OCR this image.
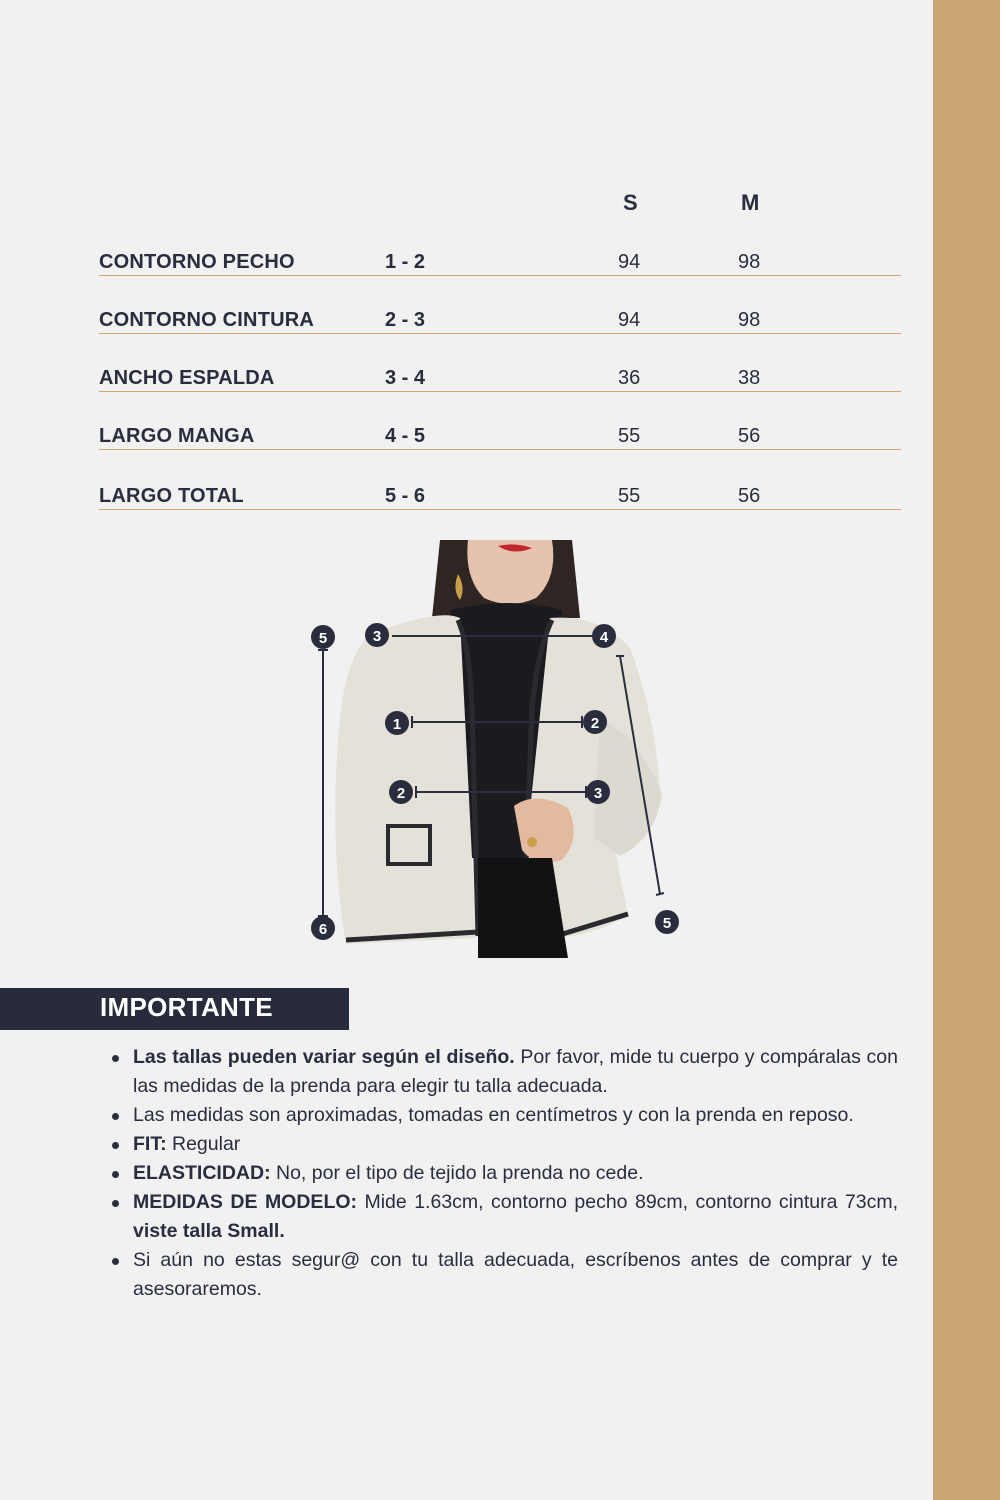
S	M
CONTORNO PECHO	1 - 2	94	98
CONTORNO CINTURA	2 - 3	94	98
ANCHO ESPALDA	3 - 4	36	38
LARGO MANGA	4 - 5	55	56
LARGO TOTAL	5 - 6	55	56
5
6
3	4
1	2
2	3
5
IMPORTANTE
Las tallas pueden variar según el diseño. Por favor, mide tu cuerpo y compáralas con las medidas de la prenda para elegir tu talla adecuada.
Las medidas son aproximadas, tomadas en centímetros y con la prenda en reposo.
FIT: Regular
ELASTICIDAD: No, por el tipo de tejido la prenda no cede.
MEDIDAS DE MODELO: Mide 1.63cm, contorno pecho 89cm, contorno cintura 73cm, viste talla Small.
Si aún no estas segur@ con tu talla adecuada, escríbenos antes de comprar y te asesoraremos.
